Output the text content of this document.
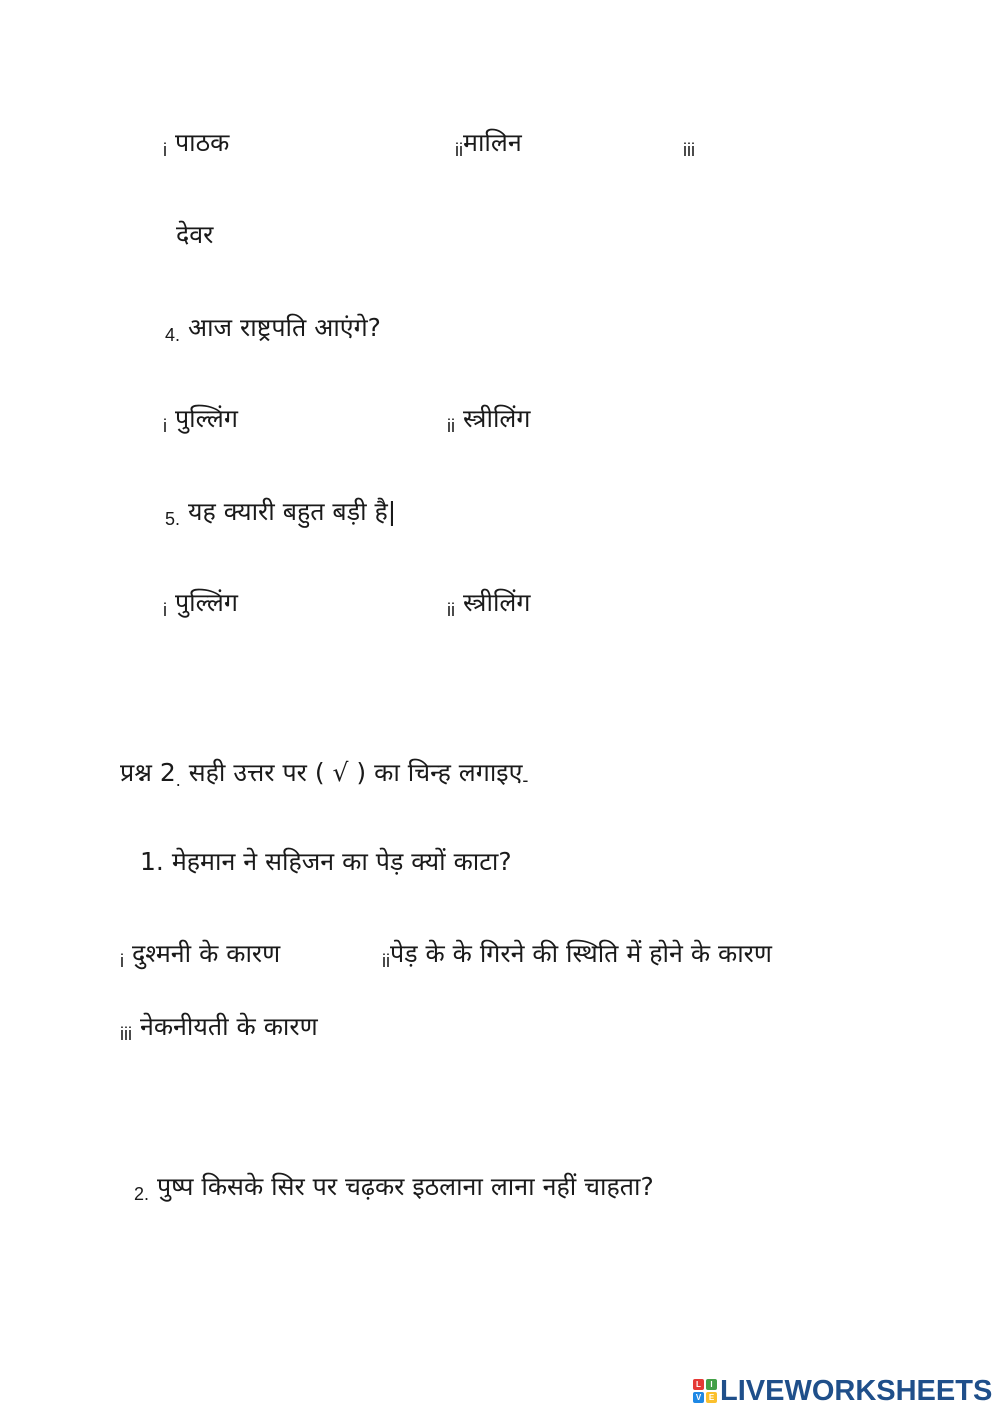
$_i$ पाठक	$_{ii}$मालिन	iii
देवर
$_{4.}$ आज राष्ट्रपति आएंगे?
$_i$ पुल्लिंग	$_{ii}$ स्त्रीलिंग
$_{5.}$ यह क्यारी बहुत बड़ी है|
$_i$ पुल्लिंग	$_{ii}$ स्त्रीलिंग
प्रश्न $2_.$ सही उत्तर पर ( √ ) का चिन्ह लगाइए$_-$
1. मेहमान ने सहिजन का पेड़ क्यों काटा?
$_i$ दुश्मनी के कारण	$_{ii}$पेड़ के के गिरने की स्थिति में होने के कारण
$_{iii}$ नेकनीयती के कारण
$_{2.}$ पुष्प किसके सिर पर चढ़कर इठलाना लाना नहीं चाहता?
L	I
V E LIVEWORKSHEETS
